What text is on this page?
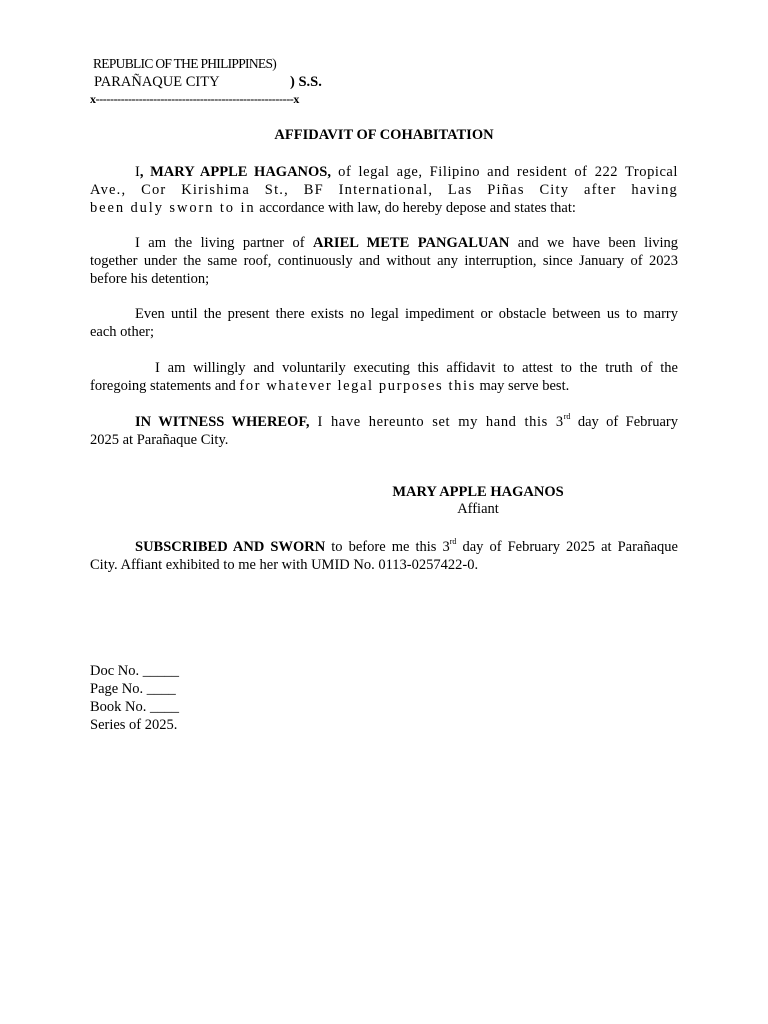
REPUBLIC OF THE PHILIPPINES)
PARAÑAQUE CITY	) S.S.
x-------------------------------------------------------x
AFFIDAVIT OF COHABITATION
I, MARY APPLE HAGANOS, of legal age, Filipino and resident of 222 Tropical
Ave., Cor Kirishima St., BF International, Las Piñas City after having
been duly sworn to in accordance with law, do hereby depose and states that:
I am the living partner of ARIEL METE PANGALUAN and we have been living
together under the same roof, continuously and without any interruption, since January of 2023
before his detention;
Even until the present there exists no legal impediment or obstacle between us to marry
each other;
I am willingly and voluntarily executing this affidavit to attest to the truth of the
foregoing statements and for whatever legal purposes this may serve best.
IN WITNESS WHEREOF, I have hereunto set my hand this 3rd day of February
2025 at Parañaque City.
MARY APPLE HAGANOS
Affiant
SUBSCRIBED AND SWORN to before me this 3rd day of February 2025 at Parañaque
City. Affiant exhibited to me her with UMID No. 0113-0257422-0.
Doc No. _____
Page No. ____
Book No. ____
Series of 2025.
